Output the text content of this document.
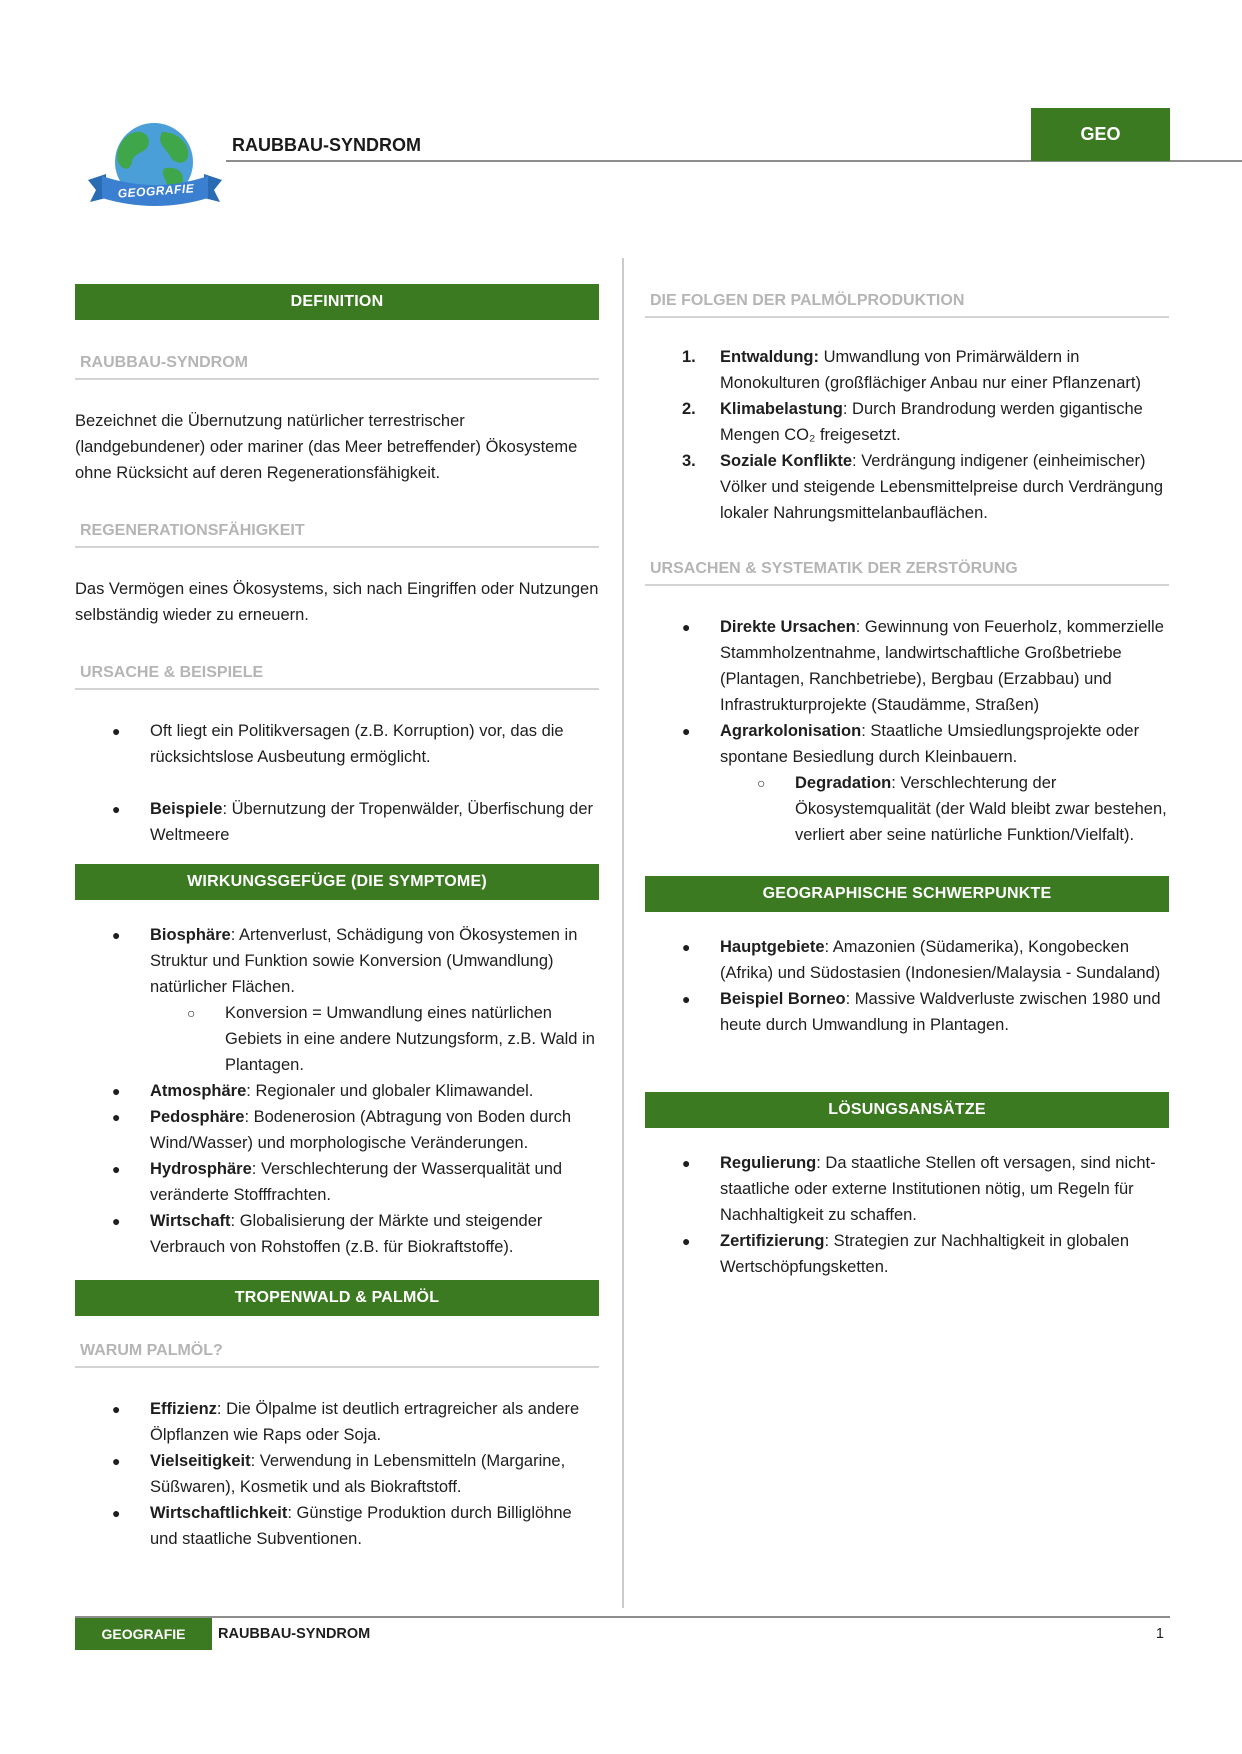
GEOGRAFIE
RAUBBAU-SYNDROM
GEO
DEFINITION
RAUBBAU-SYNDROM

Bezeichnet die Übernutzung natürlicher terrestrischer (landgebundener) oder mariner (das Meer betreffender) Ökosysteme ohne Rücksicht auf deren Regenerationsfähigkeit.

REGENERATIONSFÄHIGKEIT

Das Vermögen eines Ökosystems, sich nach Eingriffen oder Nutzungen selbständig wieder zu erneuern.

URSACHE & BEISPIELE
● Oft liegt ein Politikversagen (z.B. Korruption) vor, das die rücksichtslose Ausbeutung ermöglicht.
● Beispiele: Übernutzung der Tropenwälder, Überfischung der Weltmeere
WIRKUNGSGEFÜGE (DIE SYMPTOME)
● Biosphäre: Artenverlust, Schädigung von Ökosystemen in Struktur und Funktion sowie Konversion (Umwandlung) natürlicher Flächen.
○ Konversion = Umwandlung eines natürlichen Gebiets in eine andere Nutzungsform, z.B. Wald in Plantagen.
● Atmosphäre: Regionaler und globaler Klimawandel.
● Pedosphäre: Bodenerosion (Abtragung von Boden durch Wind/Wasser) und morphologische Veränderungen.
● Hydrosphäre: Verschlechterung der Wasserqualität und veränderte Stofffrachten.
● Wirtschaft: Globalisierung der Märkte und steigender Verbrauch von Rohstoffen (z.B. für Biokraftstoffe).
TROPENWALD & PALMÖL
WARUM PALMÖL?
● Effizienz: Die Ölpalme ist deutlich ertragreicher als andere Ölpflanzen wie Raps oder Soja.
● Vielseitigkeit: Verwendung in Lebensmitteln (Margarine, Süßwaren), Kosmetik und als Biokraftstoff.
● Wirtschaftlichkeit: Günstige Produktion durch Billiglöhne und staatliche Subventionen.
DIE FOLGEN DER PALMÖLPRODUKTION
1. Entwaldung: Umwandlung von Primärwäldern in Monokulturen (großflächiger Anbau nur einer Pflanzenart)
2. Klimabelastung: Durch Brandrodung werden gigantische Mengen CO₂ freigesetzt.
3. Soziale Konflikte: Verdrängung indigener (einheimischer) Völker und steigende Lebensmittelpreise durch Verdrängung lokaler Nahrungsmittelanbauflächen.
URSACHEN & SYSTEMATIK DER ZERSTÖRUNG
● Direkte Ursachen: Gewinnung von Feuerholz, kommerzielle Stammholzentnahme, landwirtschaftliche Großbetriebe (Plantagen, Ranchbetriebe), Bergbau (Erzabbau) und Infrastrukturprojekte (Staudämme, Straßen)
● Agrarkolonisation: Staatliche Umsiedlungsprojekte oder spontane Besiedlung durch Kleinbauern.
○ Degradation: Verschlechterung der Ökosystemqualität (der Wald bleibt zwar bestehen, verliert aber seine natürliche Funktion/Vielfalt).
GEOGRAPHISCHE SCHWERPUNKTE
● Hauptgebiete: Amazonien (Südamerika), Kongobecken (Afrika) und Südostasien (Indonesien/Malaysia - Sundaland)
● Beispiel Borneo: Massive Waldverluste zwischen 1980 und heute durch Umwandlung in Plantagen.
LÖSUNGSANSÄTZE
● Regulierung: Da staatliche Stellen oft versagen, sind nicht-staatliche oder externe Institutionen nötig, um Regeln für Nachhaltigkeit zu schaffen.
● Zertifizierung: Strategien zur Nachhaltigkeit in globalen Wertschöpfungsketten.
GEOGRAFIE	RAUBBAU-SYNDROM	1
